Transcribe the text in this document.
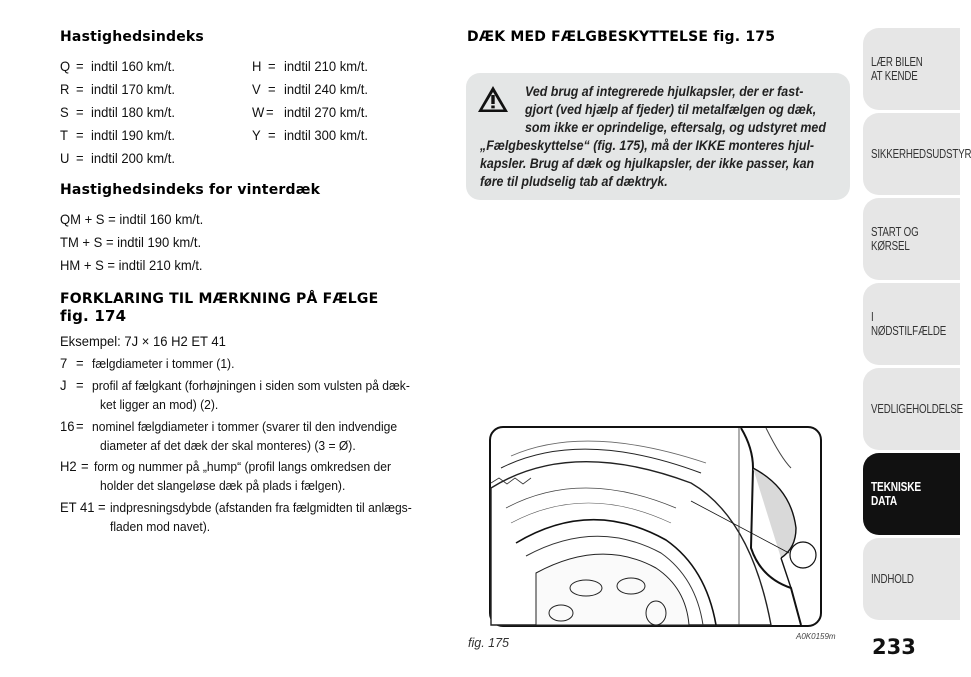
Hastighedsindeks
Q = indtil 160 km/t.
R = indtil 170 km/t.
S = indtil 180 km/t.
T = indtil 190 km/t.
U = indtil 200 km/t.
H = indtil 210 km/t.
V = indtil 240 km/t.
W = indtil 270 km/t.
Y = indtil 300 km/t.
Hastighedsindeks for vinterdæk
QM + S = indtil 160 km/t.
TM + S = indtil 190 km/t.
HM + S = indtil 210 km/t.
FORKLARING TIL MÆRKNING PÅ FÆLGE
fig. 174
Eksempel: 7J × 16 H2 ET 41
7 = fælgdiameter i tommer (1).
J = profil af fælgkant (forhøjningen i siden som vulsten på dæk-
ket ligger an mod) (2).
16 = nominel fælgdiameter i tommer (svarer til den indvendige
diameter af det dæk der skal monteres) (3 = Ø).
H2 = form og nummer på „hump“ (profil langs omkredsen der
holder det slangeløse dæk på plads i fælgen).
ET 41 = indpresningsdybde (afstanden fra fælgmidten til anlægs-
fladen mod navet).
DÆK MED FÆLGBESKYTTELSE fig. 175
Ved brug af integrerede hjulkapsler, der er fast-
gjort (ved hjælp af fjeder) til metalfælgen og dæk,
som ikke er oprindelige, eftersalg, og udstyret med
„Fælgbeskyttelse“ (fig. 175), må der IKKE monteres hjul-
kapsler. Brug af dæk og hjulkapsler, der ikke passer, kan
føre til pludselig tab af dæktryk.
fig. 175	A0K0159m 233
LÆR BILEN
AT KENDE
SIKKERHEDSUDSTYR
START OG KØRSEL
I NØDSTILFÆLDE
VEDLIGEHOLDELSE
TEKNISKE DATA
INDHOLD
